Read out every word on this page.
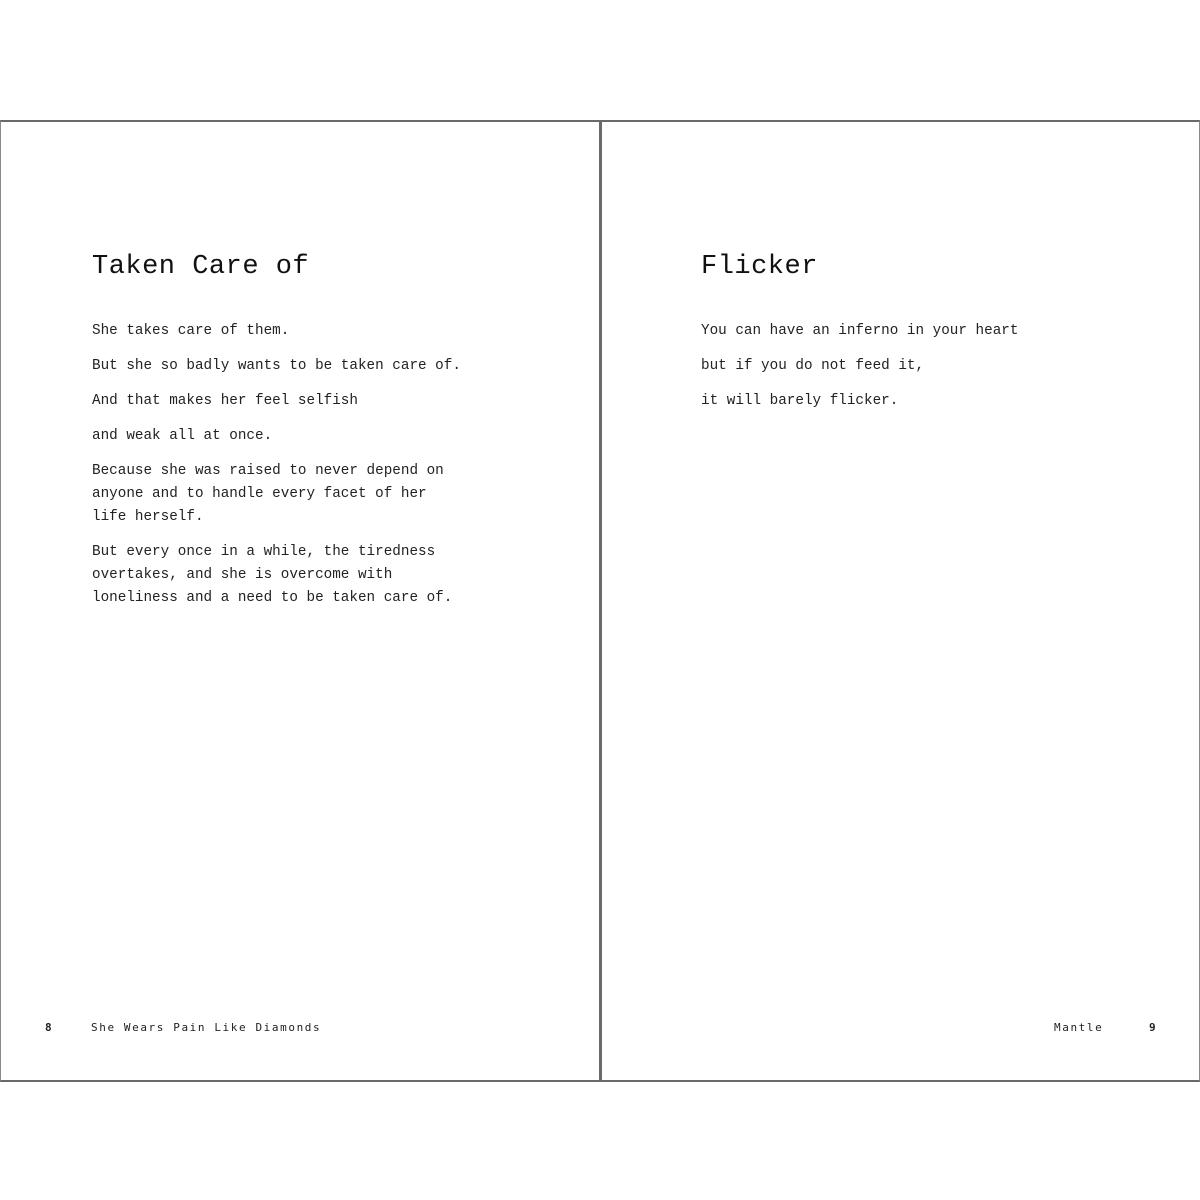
Taken Care of
She takes care of them.
But she so badly wants to be taken care of.
And that makes her feel selfish
and weak all at once.
Because she was raised to never depend on
anyone and to handle every facet of her
life herself.
But every once in a while, the tiredness
overtakes, and she is overcome with
loneliness and a need to be taken care of.
8	She Wears Pain Like Diamonds
Flicker
You can have an inferno in your heart
but if you do not feed it,
it will barely flicker.
Mantle	9
